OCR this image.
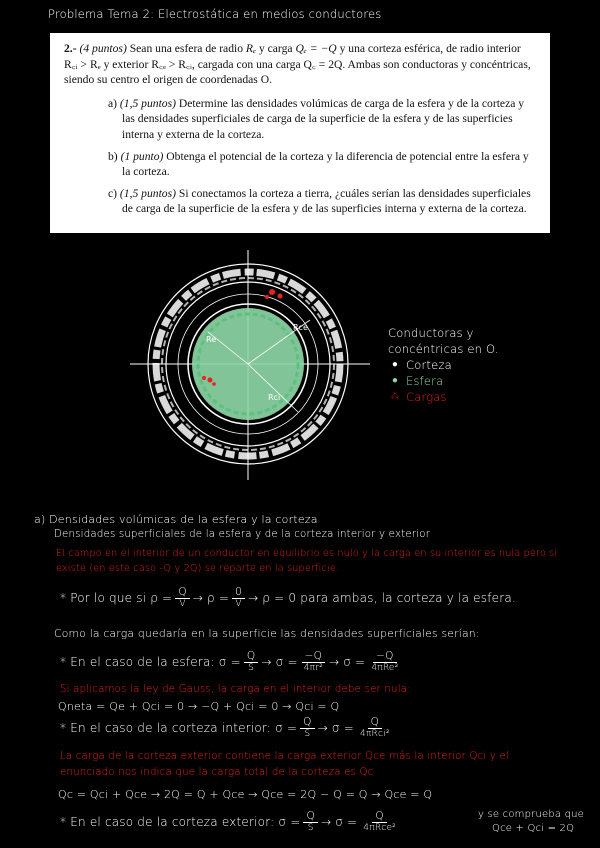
Problema Tema 2: Electrostática en medios conductores

2.- (4 puntos) Sean una esfera de radio Rₑ y carga Qₑ = −Q y una corteza esférica, de radio interior R꜀ᵢ > Rₑ y exterior R꜀ₑ > R꜀ᵢ, cargada con una carga Q꜀ = 2Q. Ambas son conductoras y concéntricas, siendo su centro el origen de coordenadas O.

a) (1,5 puntos) Determine las densidades volúmicas de carga de la esfera y de la corteza y las densidades superficiales de carga de la superficie de la esfera y de las superficies interna y externa de la corteza.

b) (1 punto) Obtenga el potencial de la corteza y la diferencia de potencial entre la esfera y la corteza.

c) (1,5 puntos) Si conectamos la corteza a tierra, ¿cuáles serían las densidades superficiales de carga de la superficie de la esfera y de las superficies interna y externa de la corteza.

Re
Rce
Rci
Conductoras y
concéntricas en O.
● Corteza
● Esfera
⁂ Cargas
a) Densidades volúmicas de la esfera y la corteza
Densidades superficiales de la esfera y de la corteza interior y exterior
El campo en el interior de un conductor en equilibrio es nulo y la carga en su interior es nula pero si
existe (en este caso -Q y 2Q) se reparte en la superficie.
* Por lo que si $\rho = \frac{Q}{V} \to \rho = \frac{0}{V} \to \rho = 0$ para ambas, la corteza y la esfera.
Como la carga quedaría en la superficie las densidades superficiales serían:
* En el caso de la esfera: $\sigma = \frac{Q}{S} \to \sigma = \frac{-Q}{\text{4πr²}} \to \sigma = \frac{-Q}{\text{4πRe²}}$
Si aplicamos la ley de Gauss, la carga en el interior debe ser nula:
Qneta = Qe + Qci = 0 → −Q + Qci = 0 → Qci = Q
* En el caso de la corteza interior: $\sigma = \frac{Q}{S} \to \sigma = \frac{Q}{\text{4πRci²}}$
La carga de la corteza exterior contiene la carga exterior Qce más la interior Qci y el
enunciado nos indica que la carga total de la corteza es Qc
Qc = Qci + Qce → 2Q = Q + Qce → Qce = 2Q − Q = Q → Qce = Q
* En el caso de la corteza exterior: $\sigma = \frac{Q}{S} \to \sigma = \frac{Q}{\text{4πRce²}}$	y se comprueba que
Qce + Qci = 2Q
